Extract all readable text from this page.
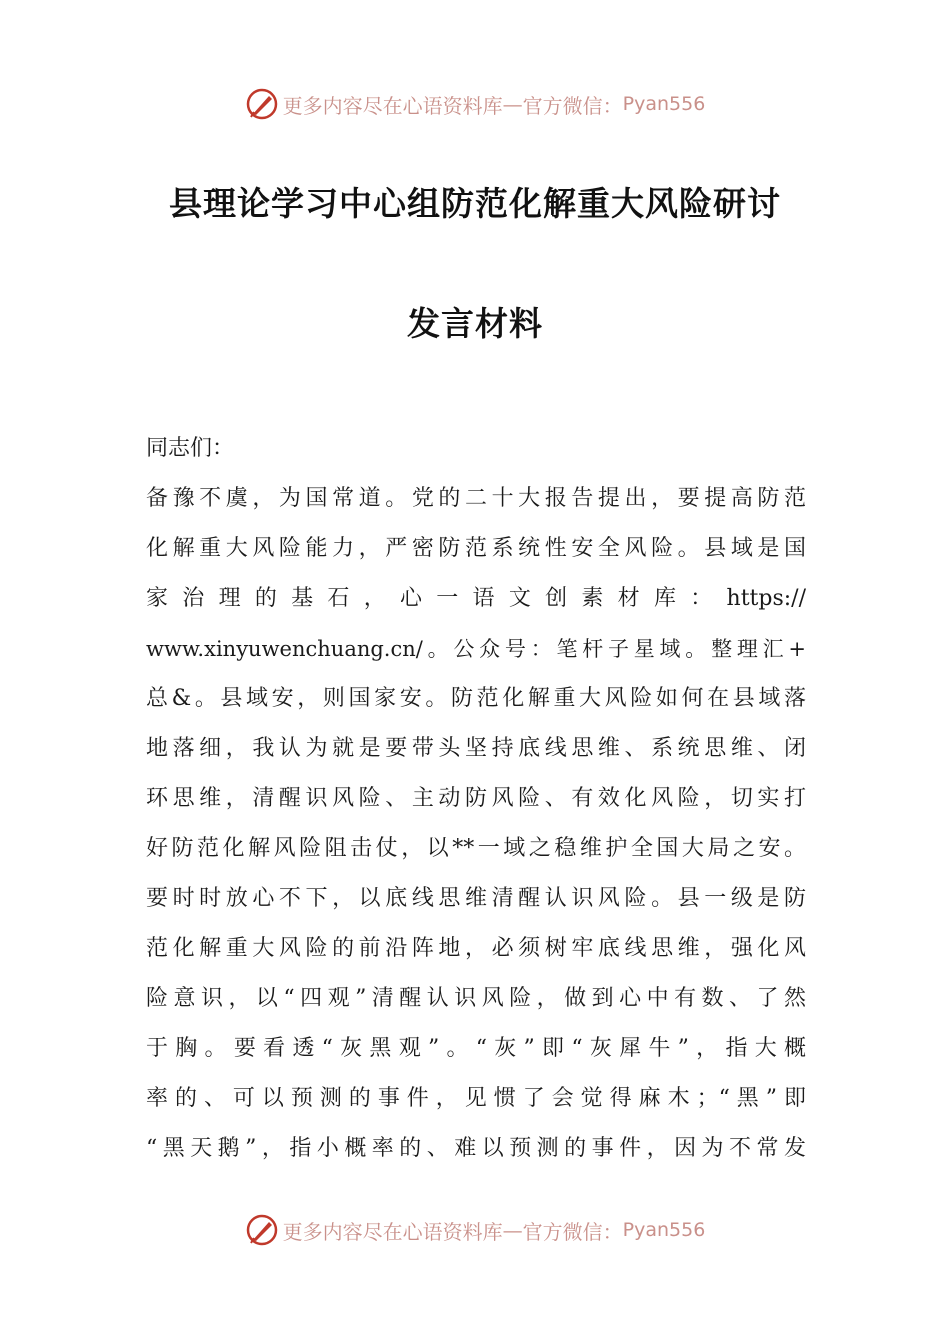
更多内容尽在心语资料库 — 官方微信： Pyan556
县理论学习中心组防范化解重大风险研讨
发言材料
同志们：
备豫不虞，为国常道。党的二十大报告提出，要提高防范
化解重大风险能力，严密防范系统性安全风险。县域是国
家治理的基石，心一语文创素材库：https://
www.xinyuwenchuang.cn/。公众号：笔杆子星域。整理汇+
总&。县域安，则国家安。防范化解重大风险如何在县域落
地落细，我认为就是要带头坚持底线思维、系统思维、闭
环思维，清醒识风险、主动防风险、有效化风险，切实打
好防范化解风险阻击仗，以**一域之稳维护全国大局之安。
要时时放心不下，以底线思维清醒认识风险。县一级是防
范化解重大风险的前沿阵地，必须树牢底线思维，强化风
险意识，以“四观”清醒认识风险，做到心中有数、了然
于胸。要看透“灰黑观”。“灰”即“灰犀牛”，指大概
率的、可以预测的事件，见惯了会觉得麻木；“黑”即
“黑天鹅”，指小概率的、难以预测的事件，因为不常发
更多内容尽在心语资料库 — 官方微信： Pyan556
